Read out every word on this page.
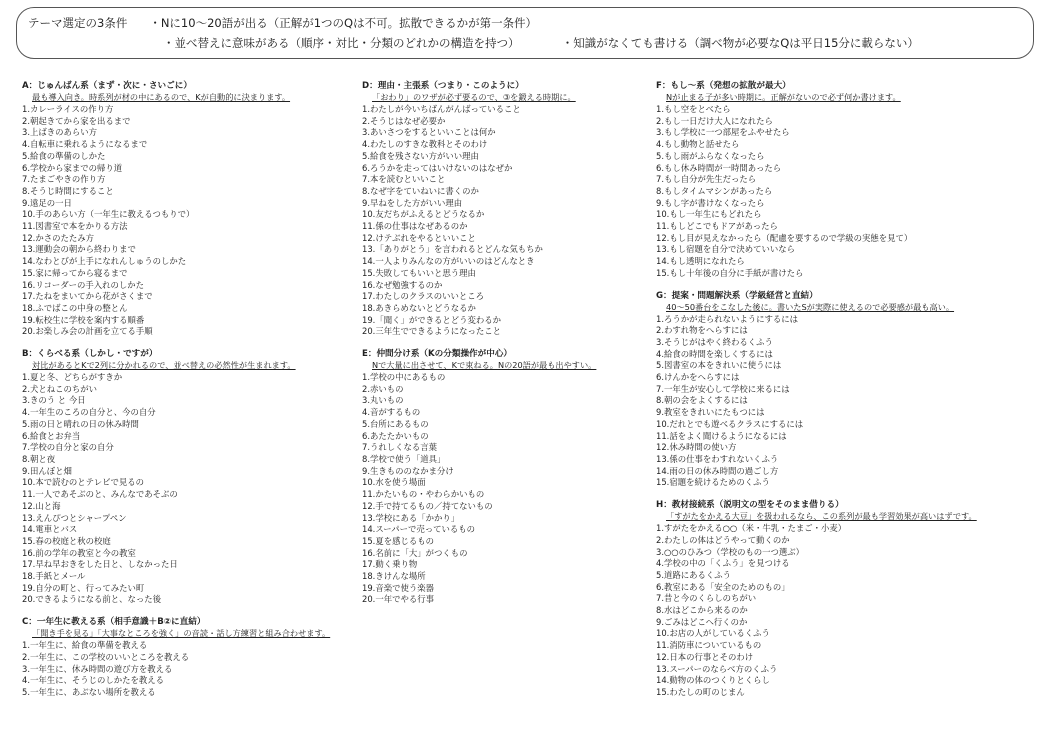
テーマ選定の3条件 ・Nに10～20語が出る（正解が1つのQは不可。拡散できるかが第一条件）
・並べ替えに意味がある（順序・対比・分類のどれかの構造を持つ）	・知識がなくても書ける（調べ物が必要なQは平日15分に載らない）
A：じゅんばん系（まず・次に・さいごに）
最も導入向き。時系列が材の中にあるので、Kが自動的に決まります。
1.カレーライスの作り方
2.朝起きてから家を出るまで
3.上ばきのあらい方
4.自転車に乗れるようになるまで
5.給食の準備のしかた
6.学校から家までの帰り道
7.たまごやきの作り方
8.そうじ時間にすること
9.遠足の一日
10.手のあらい方（一年生に教えるつもりで）
11.図書室で本をかりる方法
12.かさのたたみ方
13.運動会の朝から終わりまで
14.なわとびが上手になれんしゅうのしかた
15.家に帰ってから寝るまで
16.リコーダーの手入れのしかた
17.たねをまいてから花がさくまで
18.ふでばこの中身の整とん
19.転校生に学校を案内する順番
20.お楽しみ会の計画を立てる手順
B：くらべる系（しかし・ですが）
対比があるとKで2列に分かれるので、並べ替えの必然性が生まれます。
1.夏と冬、どちらがすきか
2.犬とねこのちがい
3.きのう と 今日
4.一年生のころの自分と、今の自分
5.雨の日と晴れの日の休み時間
6.給食とお弁当
7.学校の自分と家の自分
8.朝と夜
9.田んぼと畑
10.本で読むのとテレビで見るの
11.一人であそぶのと、みんなであそぶの
12.山と海
13.えんぴつとシャープペン
14.電車とバス
15.春の校庭と秋の校庭
16.前の学年の教室と今の教室
17.早ね早おきをした日と、しなかった日
18.手紙とメール
19.自分の町と、行ってみたい町
20.できるようになる前と、なった後
C：一年生に教える系（相手意識＋B②に直結）
「聞き手を見る」「大事なところを強く」の音読・話し方練習と組み合わせます。
1.一年生に、給食の準備を教える
2.一年生に、この学校のいいところを教える
3.一年生に、休み時間の遊び方を教える
4.一年生に、そうじのしかたを教える
5.一年生に、あぶない場所を教える
D：理由・主張系（つまり・このように）
「おわり」のワザが必ず要るので、③を鍛える時期に。
1.わたしが今いちばんがんばっていること
2.そうじはなぜ必要か
3.あいさつをするといいことは何か
4.わたしのすきな教科とそのわけ
5.給食を残さない方がいい理由
6.ろうかを走ってはいけないのはなぜか
7.本を読むといいこと
8.なぜ字をていねいに書くのか
9.早ねをした方がいい理由
10.友だちがふえるとどうなるか
11.係の仕事はなぜあるのか
12.けテぶれをやるといいこと
13.「ありがとう」を言われるとどんな気もちか
14.一人よりみんなの方がいいのはどんなとき
15.失敗してもいいと思う理由
16.なぜ勉強するのか
17.わたしのクラスのいいところ
18.あきらめないとどうなるか
19.「聞く」ができるとどう変わるか
20.三年生でできるようになったこと
E：仲間分け系（Kの分類操作が中心）
Nで大量に出させて、Kで束ねる。Nの20語が最も出やすい。
1.学校の中にあるもの
2.赤いもの
3.丸いもの
4.音がするもの
5.台所にあるもの
6.あたたかいもの
7.うれしくなる言葉
8.学校で使う「道具」
9.生きもののなかま分け
10.水を使う場面
11.かたいもの・やわらかいもの
12.手で持てるもの／持てないもの
13.学校にある「かかり」
14.スーパーで売っているもの
15.夏を感じるもの
16.名前に「大」がつくもの
17.動く乗り物
18.きけんな場所
19.音楽で使う楽器
20.一年でやる行事
F：もし～系（発想の拡散が最大）
Nが止まる子が多い時期に。正解がないので必ず何か書けます。
1.もし空をとべたら
2.もし一日だけ大人になれたら
3.もし学校に一つ部屋をふやせたら
4.もし動物と話せたら
5.もし雨がふらなくなったら
6.もし休み時間が一時間あったら
7.もし自分が先生だったら
8.もしタイムマシンがあったら
9.もし字が書けなくなったら
10.もし一年生にもどれたら
11.もしどこでもドアがあったら
12.もし目が見えなかったら（配慮を要するので学級の実態を見て）
13.もし宿題を自分で決めていいなら
14.もし透明になれたら
15.もし十年後の自分に手紙が書けたら
G：提案・問題解決系（学級経営と直結）
40～50番台をこなした後に。書いたSが実際に使えるので必要感が最も高い。
1.ろうかが走られないようにするには
2.わすれ物をへらすには
3.そうじがはやく終わるくふう
4.給食の時間を楽しくするには
5.図書室の本をきれいに使うには
6.けんかをへらすには
7.一年生が安心して学校に来るには
8.朝の会をよくするには
9.教室をきれいにたもつには
10.だれとでも遊べるクラスにするには
11.話をよく聞けるようになるには
12.休み時間の使い方
13.係の仕事をわすれないくふう
14.雨の日の休み時間の過ごし方
15.宿題を続けるためのくふう
H：教材接続系（説明文の型をそのまま借りる）
「すがたをかえる大豆」を扱われるなら、この系列が最も学習効果が高いはずです。
1.すがたをかえる○○（米・牛乳・たまご・小麦）
2.わたしの体はどうやって動くのか
3.○○のひみつ（学校のもの一つ選ぶ）
4.学校の中の「くふう」を見つける
5.道路にあるくふう
6.教室にある「安全のためのもの」
7.昔と今のくらしのちがい
8.水はどこから来るのか
9.ごみはどこへ行くのか
10.お店の人がしているくふう
11.消防車についているもの
12.日本の行事とそのわけ
13.スーパーのならべ方のくふう
14.動物の体のつくりとくらし
15.わたしの町のじまん
